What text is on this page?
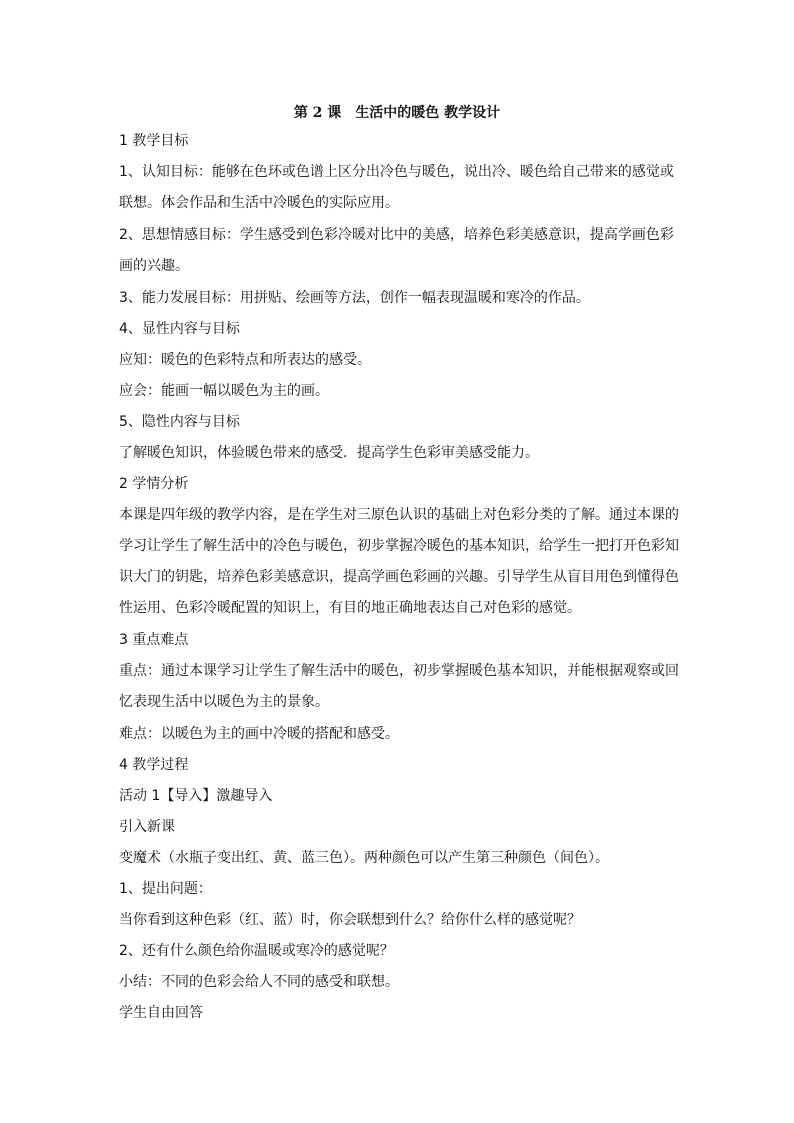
第 2 课　生活中的暖色 教学设计

1 教学目标

1、认知目标：能够在色环或色谱上区分出冷色与暖色，说出冷、暖色给自己带来的感觉或联想。体会作品和生活中冷暖色的实际应用。

2、思想情感目标：学生感受到色彩冷暖对比中的美感，培养色彩美感意识，提高学画色彩画的兴趣。

3、能力发展目标：用拼贴、绘画等方法，创作一幅表现温暖和寒冷的作品。

4、显性内容与目标

应知：暖色的色彩特点和所表达的感受。

应会：能画一幅以暖色为主的画。

5、隐性内容与目标

了解暖色知识，体验暖色带来的感受．提高学生色彩审美感受能力。

2 学情分析

本课是四年级的教学内容，是在学生对三原色认识的基础上对色彩分类的了解。通过本课的学习让学生了解生活中的冷色与暖色，初步掌握冷暖色的基本知识，给学生一把打开色彩知识大门的钥匙，培养色彩美感意识，提高学画色彩画的兴趣。引导学生从盲目用色到懂得色性运用、色彩冷暖配置的知识上，有目的地正确地表达自己对色彩的感觉。

3 重点难点

重点：通过本课学习让学生了解生活中的暖色，初步掌握暖色基本知识，并能根据观察或回忆表现生活中以暖色为主的景象。

难点：以暖色为主的画中冷暖的搭配和感受。

4 教学过程

活动 1【导入】激趣导入

引入新课

变魔术（水瓶子变出红、黄、蓝三色）。两种颜色可以产生第三种颜色（间色）。

1、提出问题：

当你看到这种色彩（红、蓝）时，你会联想到什么？给你什么样的感觉呢？

2、还有什么颜色给你温暖或寒冷的感觉呢？

小结：不同的色彩会给人不同的感受和联想。

学生自由回答
